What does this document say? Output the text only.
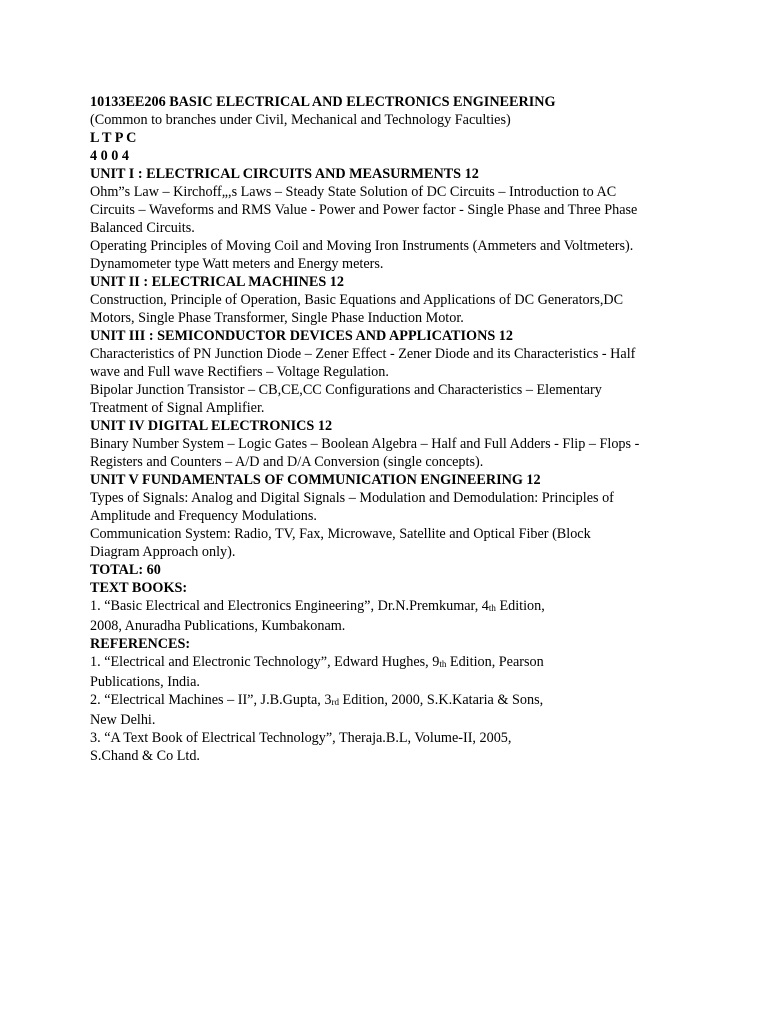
10133EE206 BASIC ELECTRICAL AND ELECTRONICS ENGINEERING
(Common to branches under Civil, Mechanical and Technology Faculties)
L T P C
4 0 0 4
UNIT I : ELECTRICAL CIRCUITS AND MEASURMENTS 12
Ohm”s Law – Kirchoff„,s Laws – Steady State Solution of DC Circuits – Introduction to AC
Circuits – Waveforms and RMS Value - Power and Power factor - Single Phase and Three Phase
Balanced Circuits.
Operating Principles of Moving Coil and Moving Iron Instruments (Ammeters and Voltmeters).
Dynamometer type Watt meters and Energy meters.
UNIT II : ELECTRICAL MACHINES 12
Construction, Principle of Operation, Basic Equations and Applications of DC Generators,DC
Motors, Single Phase Transformer, Single Phase Induction Motor.
UNIT III : SEMICONDUCTOR DEVICES AND APPLICATIONS 12
Characteristics of PN Junction Diode – Zener Effect - Zener Diode and its Characteristics - Half
wave and Full wave Rectifiers – Voltage Regulation.
Bipolar Junction Transistor – CB,CE,CC Configurations and Characteristics – Elementary
Treatment of Signal Amplifier.
UNIT IV DIGITAL ELECTRONICS 12
Binary Number System – Logic Gates – Boolean Algebra – Half and Full Adders - Flip – Flops -
Registers and Counters – A/D and D/A Conversion (single concepts).
UNIT V FUNDAMENTALS OF COMMUNICATION ENGINEERING 12
Types of Signals: Analog and Digital Signals – Modulation and Demodulation: Principles of
Amplitude and Frequency Modulations.
Communication System: Radio, TV, Fax, Microwave, Satellite and Optical Fiber (Block
Diagram Approach only).
TOTAL: 60
TEXT BOOKS:
1. “Basic Electrical and Electronics Engineering”, Dr.N.Premkumar, 4th Edition,
2008, Anuradha Publications, Kumbakonam.
REFERENCES:
1. “Electrical and Electronic Technology”, Edward Hughes, 9th Edition, Pearson
Publications, India.
2. “Electrical Machines – II”, J.B.Gupta, 3rd Edition, 2000, S.K.Kataria & Sons,
New Delhi.
3. “A Text Book of Electrical Technology”, Theraja.B.L, Volume-II, 2005,
S.Chand & Co Ltd.
